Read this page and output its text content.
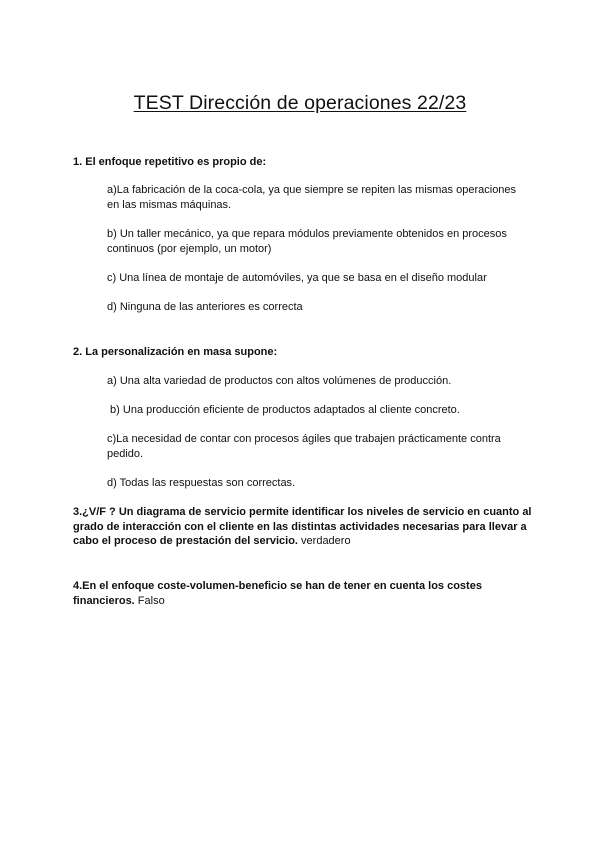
TEST Dirección de operaciones 22/23
1. El enfoque repetitivo es propio de:
a)La fabricación de la coca-cola, ya que siempre se repiten las mismas operaciones en las mismas máquinas.
b) Un taller mecánico, ya que repara módulos previamente obtenidos en procesos continuos (por ejemplo, un motor)
c) Una línea de montaje de automóviles, ya que se basa en el diseño modular
d) Ninguna de las anteriores es correcta
2. La personalización en masa supone:
a) Una alta variedad de productos con altos volúmenes de producción.
b) Una producción eficiente de productos adaptados al cliente concreto.
c)La necesidad de contar con procesos ágiles que trabajen prácticamente contra pedido.
d) Todas las respuestas son correctas.
3.¿V/F ? Un diagrama de servicio permite identificar los niveles de servicio en cuanto al grado de interacción con el cliente en las distintas actividades necesarias para llevar a cabo el proceso de prestación del servicio. verdadero
4.En el enfoque coste-volumen-beneficio se han de tener en cuenta los costes financieros. Falso
